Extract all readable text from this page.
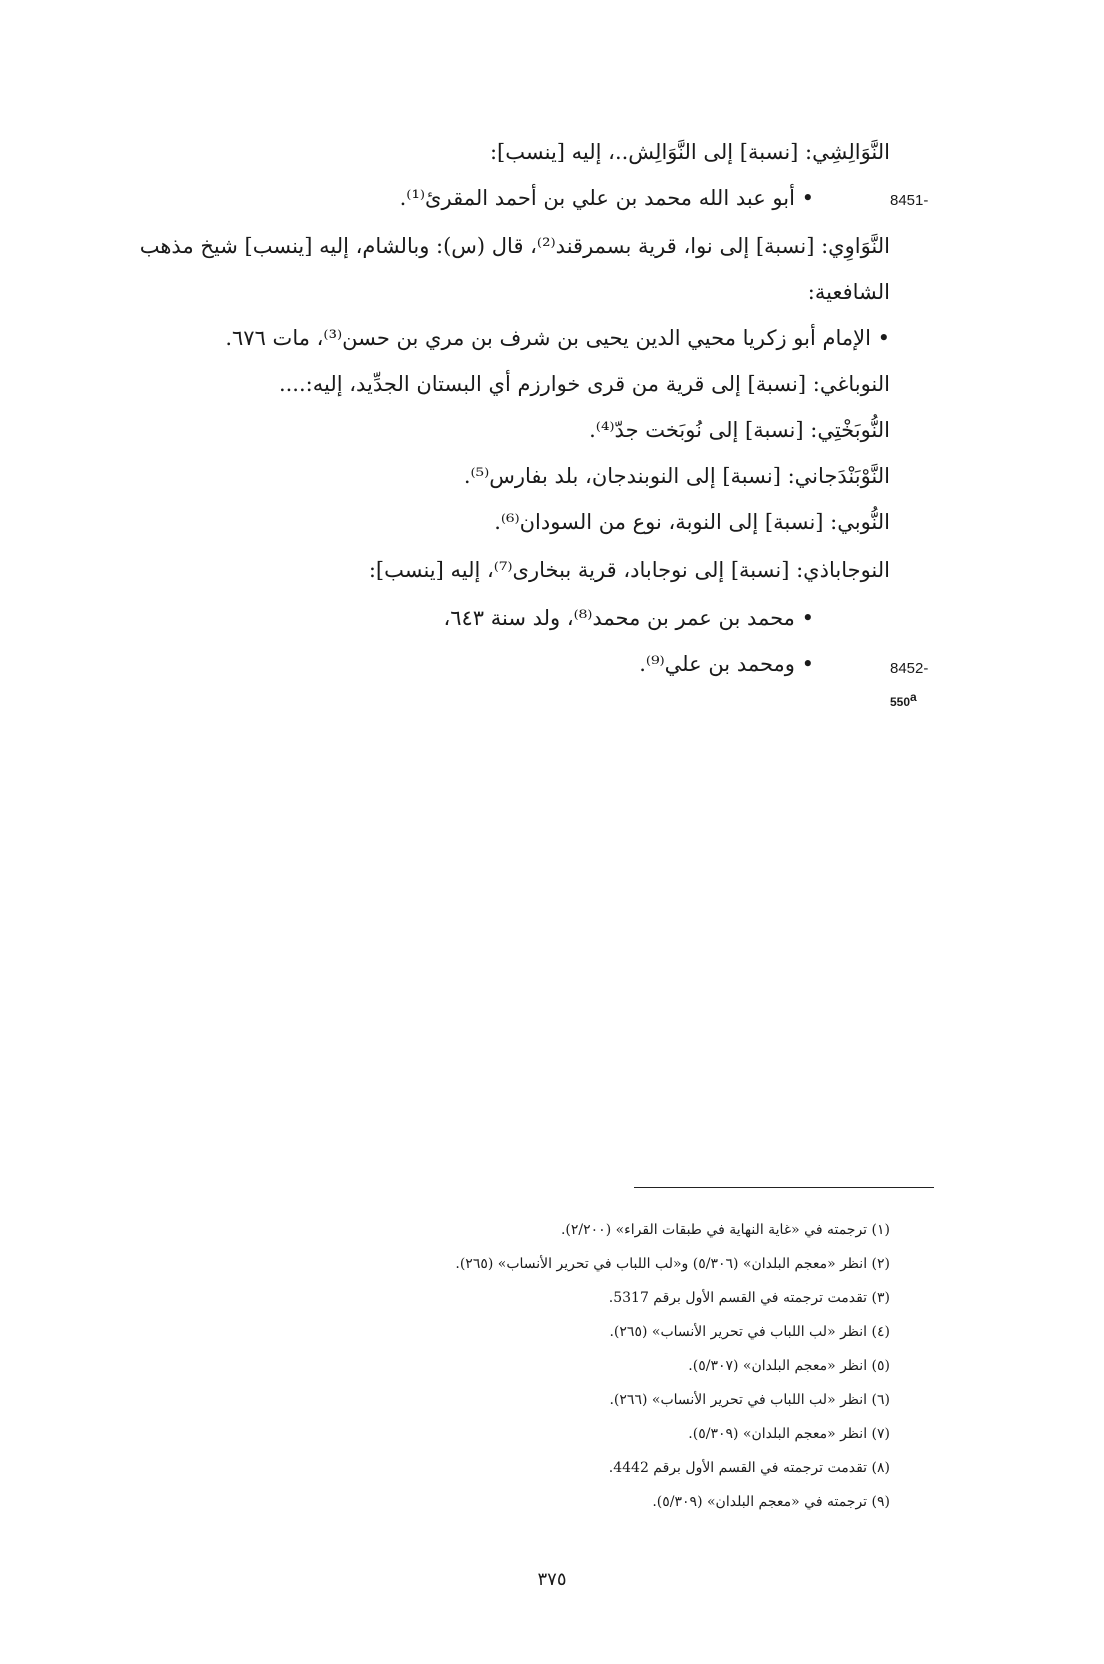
النَّوَالِشِي: [نسبة] إلى النَّوَالِش..، إليه [ينسب]:
• أبو عبد الله محمد بن علي بن أحمد المقرئ⁽¹⁾.	8451-
النَّوَاوِي: [نسبة] إلى نوا، قرية بسمرقند⁽²⁾، قال (س): وبالشام، إليه [ينسب] شيخ مذهب
الشافعية:
• الإمام أبو زكريا محيي الدين يحيى بن شرف بن مري بن حسن⁽³⁾، مات ٦٧٦.
النوباغي: [نسبة] إلى قرية من قرى خوارزم أي البستان الجدِّيد، إليه:....
النُّوبَخْتِي: [نسبة] إلى نُوبَخت جدّ⁽⁴⁾.
النَّوْبَنْدَجاني: [نسبة] إلى النوبندجان، بلد بفارس⁽⁵⁾.
النُّوبي: [نسبة] إلى النوبة، نوع من السودان⁽⁶⁾.
النوجاباذي: [نسبة] إلى نوجاباد، قرية ببخارى⁽⁷⁾، إليه [ينسب]:
• محمد بن عمر بن محمد⁽⁸⁾، ولد سنة ٦٤٣،
• ومحمد بن علي⁽⁹⁾.	8452-
550$^a$
(١) ترجمته في «غاية النهاية في طبقات القراء» (٢/٢٠٠).
(٢) انظر «معجم البلدان» (٥/٣٠٦) و«لب اللباب في تحرير الأنساب» (٢٦٥).
(٣) تقدمت ترجمته في القسم الأول برقم 5317.
(٤) انظر «لب اللباب في تحرير الأنساب» (٢٦٥).
(٥) انظر «معجم البلدان» (٥/٣٠٧).
(٦) انظر «لب اللباب في تحرير الأنساب» (٢٦٦).
(٧) انظر «معجم البلدان» (٥/٣٠٩).
(٨) تقدمت ترجمته في القسم الأول برقم 4442.
(٩) ترجمته في «معجم البلدان» (٥/٣٠٩).
٣٧٥
